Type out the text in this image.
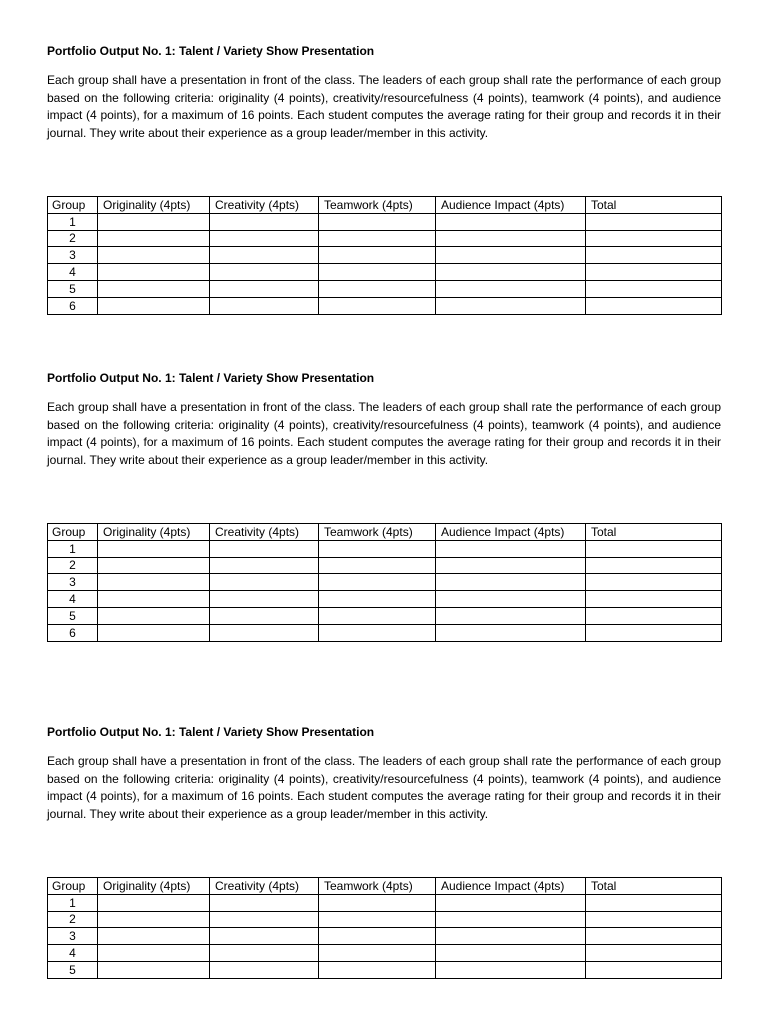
Portfolio Output No. 1: Talent / Variety Show Presentation

Each group shall have a presentation in front of the class. The leaders of each group shall rate the performance of each group based on the following criteria: originality (4 points), creativity/resourcefulness (4 points), teamwork (4 points), and audience impact (4 points), for a maximum of 16 points. Each student computes the average rating for their group and records it in their journal. They write about their experience as a group leader/member in this activity.

Group	Originality (4pts)	Creativity (4pts)	Teamwork (4pts)	Audience Impact (4pts)	Total
1					
2					
3					
4					
5					
6					

Portfolio Output No. 1: Talent / Variety Show Presentation

Each group shall have a presentation in front of the class. The leaders of each group shall rate the performance of each group based on the following criteria: originality (4 points), creativity/resourcefulness (4 points), teamwork (4 points), and audience impact (4 points), for a maximum of 16 points. Each student computes the average rating for their group and records it in their journal. They write about their experience as a group leader/member in this activity.

Group	Originality (4pts)	Creativity (4pts)	Teamwork (4pts)	Audience Impact (4pts)	Total
1					
2					
3					
4					
5					
6					

Portfolio Output No. 1: Talent / Variety Show Presentation

Each group shall have a presentation in front of the class. The leaders of each group shall rate the performance of each group based on the following criteria: originality (4 points), creativity/resourcefulness (4 points), teamwork (4 points), and audience impact (4 points), for a maximum of 16 points. Each student computes the average rating for their group and records it in their journal. They write about their experience as a group leader/member in this activity.

Group	Originality (4pts)	Creativity (4pts)	Teamwork (4pts)	Audience Impact (4pts)	Total
1					
2					
3					
4					
5					
